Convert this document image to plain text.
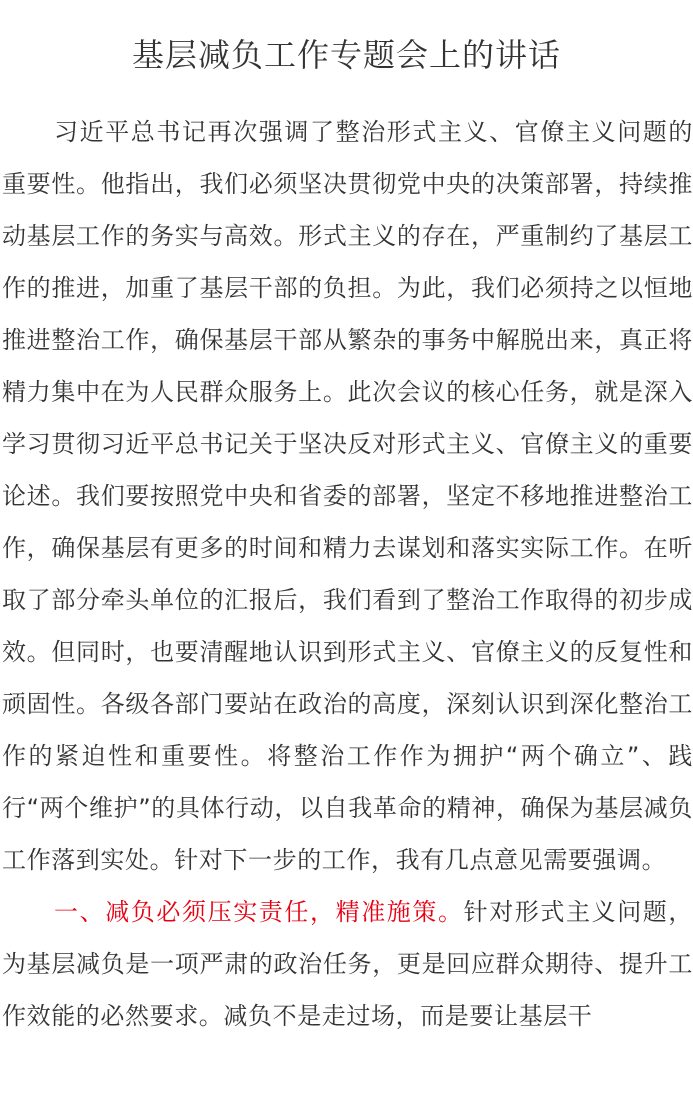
基层减负工作专题会上的讲话

习近平总书记再次强调了整治形式主义、官僚主义问题的重要性。他指出，我们必须坚决贯彻党中央的决策部署，持续推动基层工作的务实与高效。形式主义的存在，严重制约了基层工作的推进，加重了基层干部的负担。为此，我们必须持之以恒地推进整治工作，确保基层干部从繁杂的事务中解脱出来，真正将精力集中在为人民群众服务上。此次会议的核心任务，就是深入学习贯彻习近平总书记关于坚决反对形式主义、官僚主义的重要论述。我们要按照党中央和省委的部署，坚定不移地推进整治工作，确保基层有更多的时间和精力去谋划和落实实际工作。在听取了部分牵头单位的汇报后，我们看到了整治工作取得的初步成效。但同时，也要清醒地认识到形式主义、官僚主义的反复性和顽固性。各级各部门要站在政治的高度，深刻认识到深化整治工作的紧迫性和重要性。将整治工作作为拥护“两个确立”、践行“两个维护”的具体行动，以自我革命的精神，确保为基层减负工作落到实处。针对下一步的工作，我有几点意见需要强调。

一、减负必须压实责任，精准施策。针对形式主义问题，为基层减负是一项严肃的政治任务，更是回应群众期待、提升工作效能的必然要求。减负不是走过场，而是要让基层干
